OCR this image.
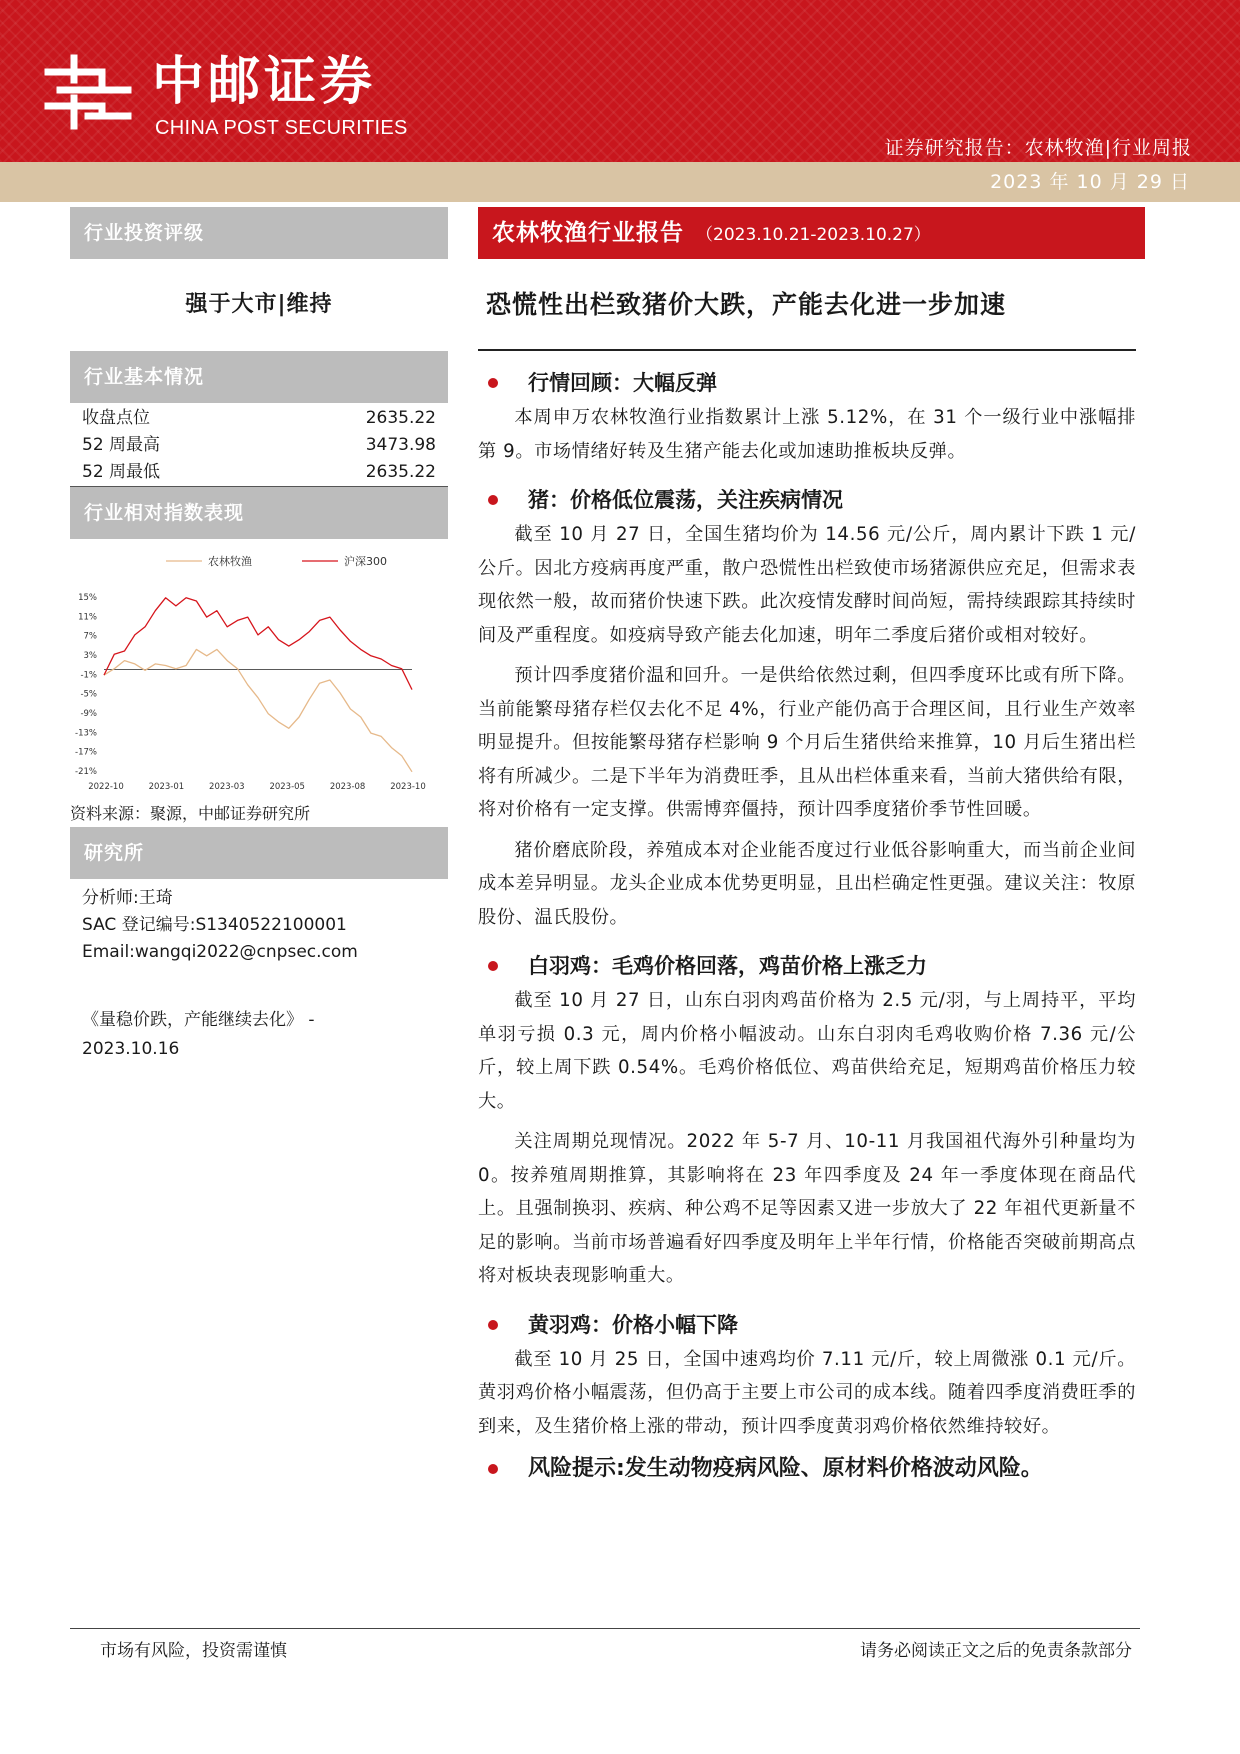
中邮证券
CHINA POST SECURITIES
证券研究报告：农林牧渔|行业周报
2023 年 10 月 29 日
行业投资评级
强于大市|维持
行业基本情况
收盘点位	2635.22
52 周最高	3473.98
52 周最低	2635.22
行业相对指数表现
农林牧渔	沪深300
15%
11%
7%
3%
-1%
-5%
-9%
-13%
-17%
-21%
2022-10	2023-01	2023-03	2023-05	2023-08	2023-10
资料来源：聚源，中邮证券研究所
研究所
分析师:王琦
SAC 登记编号:S1340522100001
Email:wangqi2022@cnpsec.com
《量稳价跌，产能继续去化》 -
2023.10.16
农林牧渔行业报告 （2023.10.21-2023.10.27）
恐慌性出栏致猪价大跌，产能去化进一步加速
行情回顾：大幅反弹

本周申万农林牧渔行业指数累计上涨 5.12%，在 31 个一级行业中涨幅排第 9。市场情绪好转及生猪产能去化或加速助推板块反弹。

猪：价格低位震荡，关注疾病情况

截至 10 月 27 日，全国生猪均价为 14.56 元/公斤，周内累计下跌 1 元/公斤。因北方疫病再度严重，散户恐慌性出栏致使市场猪源供应充足，但需求表现依然一般，故而猪价快速下跌。此次疫情发酵时间尚短，需持续跟踪其持续时间及严重程度。如疫病导致产能去化加速，明年二季度后猪价或相对较好。

预计四季度猪价温和回升。一是供给依然过剩，但四季度环比或有所下降。当前能繁母猪存栏仅去化不足 4%，行业产能仍高于合理区间，且行业生产效率明显提升。但按能繁母猪存栏影响 9 个月后生猪供给来推算，10 月后生猪出栏将有所减少。二是下半年为消费旺季，且从出栏体重来看，当前大猪供给有限，将对价格有一定支撑。供需博弈僵持，预计四季度猪价季节性回暖。

猪价磨底阶段，养殖成本对企业能否度过行业低谷影响重大，而当前企业间成本差异明显。龙头企业成本优势更明显，且出栏确定性更强。建议关注：牧原股份、温氏股份。

白羽鸡：毛鸡价格回落，鸡苗价格上涨乏力

截至 10 月 27 日，山东白羽肉鸡苗价格为 2.5 元/羽，与上周持平，平均单羽亏损 0.3 元，周内价格小幅波动。山东白羽肉毛鸡收购价格 7.36 元/公斤，较上周下跌 0.54%。毛鸡价格低位、鸡苗供给充足，短期鸡苗价格压力较大。

关注周期兑现情况。2022 年 5-7 月、10-11 月我国祖代海外引种量均为 0。按养殖周期推算，其影响将在 23 年四季度及 24 年一季度体现在商品代上。且强制换羽、疾病、种公鸡不足等因素又进一步放大了 22 年祖代更新量不足的影响。当前市场普遍看好四季度及明年上半年行情，价格能否突破前期高点将对板块表现影响重大。

黄羽鸡：价格小幅下降

截至 10 月 25 日，全国中速鸡均价 7.11 元/斤，较上周微涨 0.1 元/斤。黄羽鸡价格小幅震荡，但仍高于主要上市公司的成本线。随着四季度消费旺季的到来，及生猪价格上涨的带动，预计四季度黄羽鸡价格依然维持较好。

风险提示:发生动物疫病风险、原材料价格波动风险。
市场有风险，投资需谨慎	请务必阅读正文之后的免责条款部分
